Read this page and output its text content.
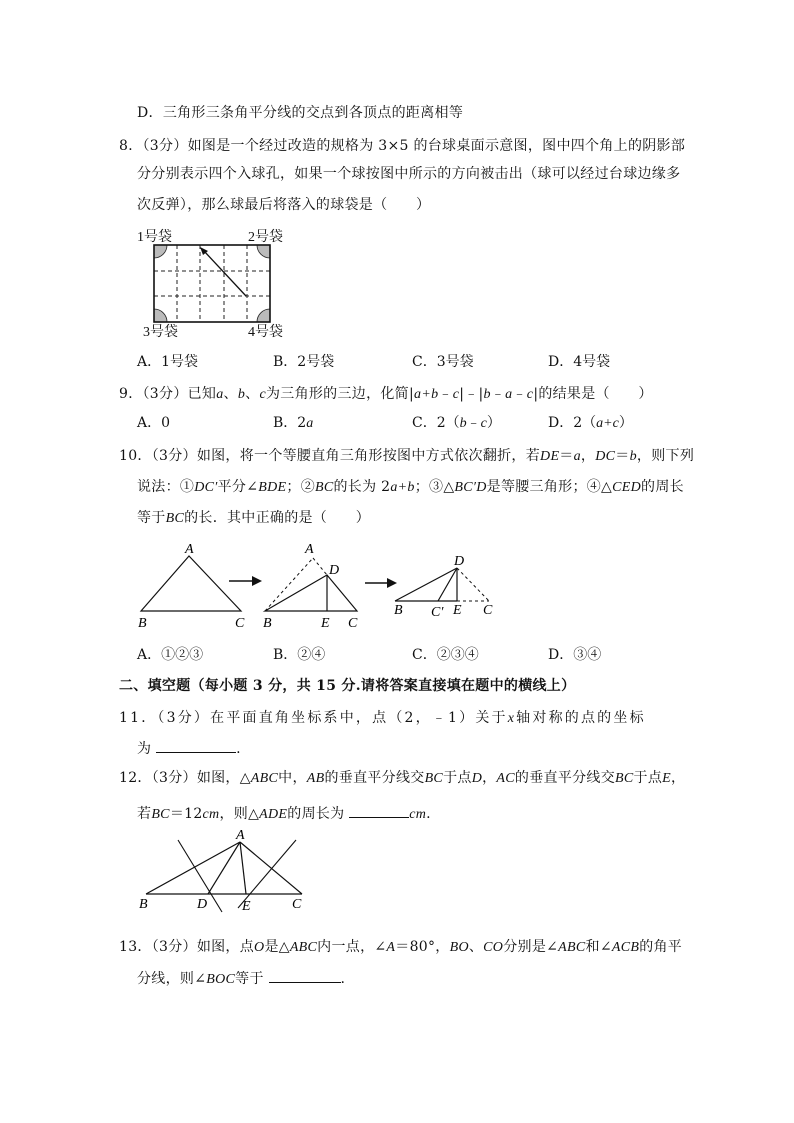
D．三角形三条角平分线的交点到各顶点的距离相等
8．（3分）如图是一个经过改造的规格为 3×5 的台球桌面示意图，图中四个角上的阴影部
分分别表示四个入球孔，如果一个球按图中所示的方向被击出（球可以经过台球边缘多
次反弹），那么球最后将落入的球袋是（　　）
1号袋	2号袋
3号袋	4号袋
A．1号袋	B．2号袋	C．3号袋	D．4号袋
9．（3分）已知a、b、c为三角形的三边，化简|a+b﹣c|﹣|b﹣a﹣c|的结果是（　　）
A．0	B．2a	C．2（b﹣c）	D．2（a+c）
10．（3分）如图，将一个等腰直角三角形按图中方式依次翻折，若DE＝a，DC＝b，则下列
说法：①DC′平分∠BDE；②BC的长为 2a+b；③△BC′D是等腰三角形；④△CED的周长
等于BC的长．其中正确的是（　　）
A
B	C
A
D
B	E C
D
B C′ E C
A．①②③	B．②④	C．②③④	D．③④
二、填空题（每小题 3 分，共 15 分.请将答案直接填在题中的横线上）
11．（3分）在平面直角坐标系中，点（2，﹣1）关于x轴对称的点的坐标
为	.
12．（3分）如图，△ABC中，AB的垂直平分线交BC于点D，AC的垂直平分线交BC于点E，
若BC＝12cm，则△ADE的周长为	cm.
A
B	D E	C
13．（3分）如图，点O是△ABC内一点，∠A＝80°，BO、CO分别是∠ABC和∠ACB的角平
分线，则∠BOC等于	.
